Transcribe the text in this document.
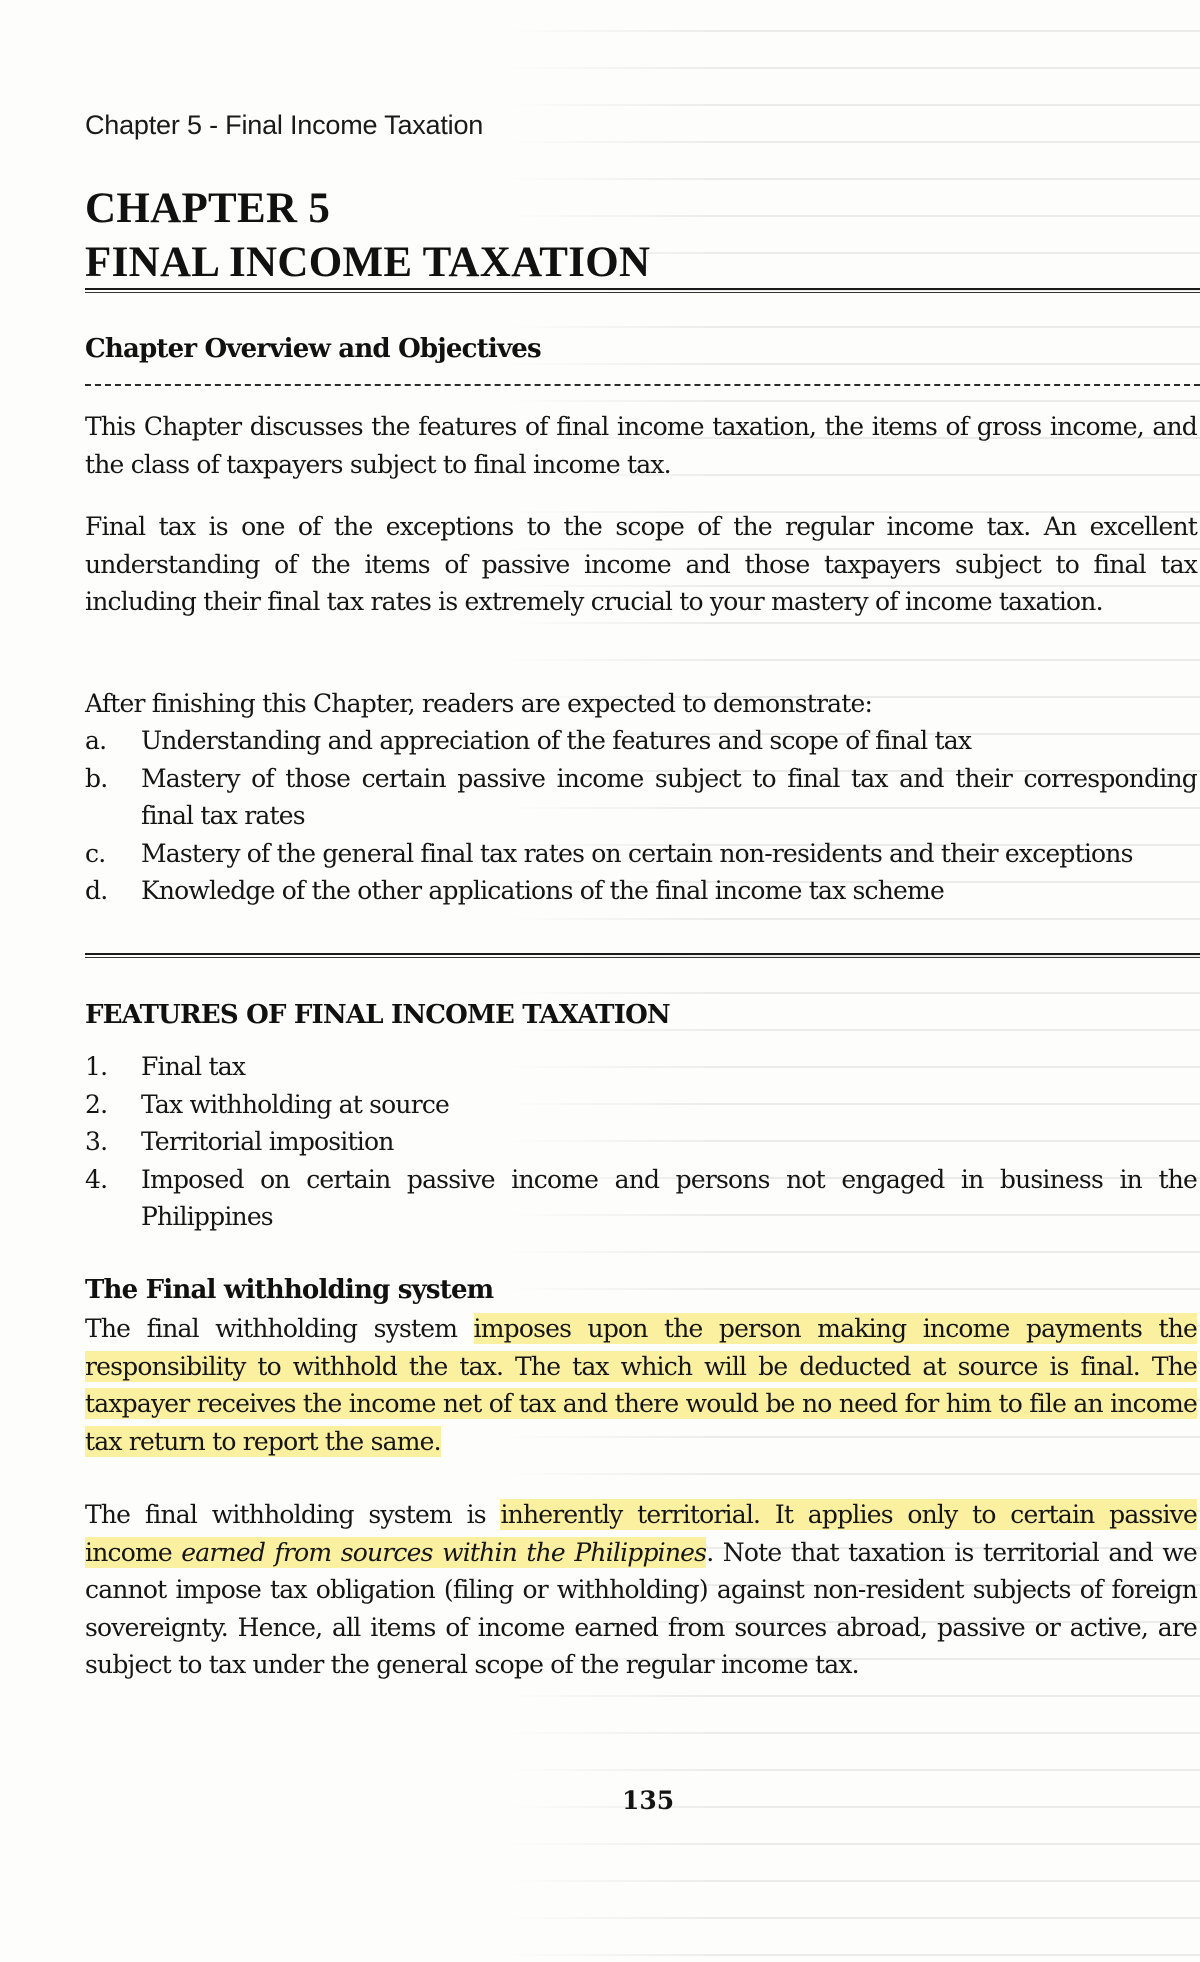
Chapter 5 - Final Income Taxation
CHAPTER 5
FINAL INCOME TAXATION
Chapter Overview and Objectives
This Chapter discusses the features of final income taxation, the items of gross income, and the class of taxpayers subject to final income tax.
Final tax is one of the exceptions to the scope of the regular income tax. An excellent understanding of the items of passive income and those taxpayers subject to final tax including their final tax rates is extremely crucial to your mastery of income taxation.
After finishing this Chapter, readers are expected to demonstrate:
a. Understanding and appreciation of the features and scope of final tax
b. Mastery of those certain passive income subject to final tax and their corresponding final tax rates
c. Mastery of the general final tax rates on certain non-residents and their exceptions
d. Knowledge of the other applications of the final income tax scheme
FEATURES OF FINAL INCOME TAXATION
1. Final tax
2. Tax withholding at source
3. Territorial imposition
4. Imposed on certain passive income and persons not engaged in business in the Philippines
The Final withholding system
The final withholding system imposes upon the person making income payments the responsibility to withhold the tax. The tax which will be deducted at source is final. The taxpayer receives the income net of tax and there would be no need for him to file an income tax return to report the same.
The final withholding system is inherently territorial. It applies only to certain passive income earned from sources within the Philippines. Note that taxation is territorial and we cannot impose tax obligation (filing or withholding) against non-resident subjects of foreign sovereignty. Hence, all items of income earned from sources abroad, passive or active, are subject to tax under the general scope of the regular income tax.
135
